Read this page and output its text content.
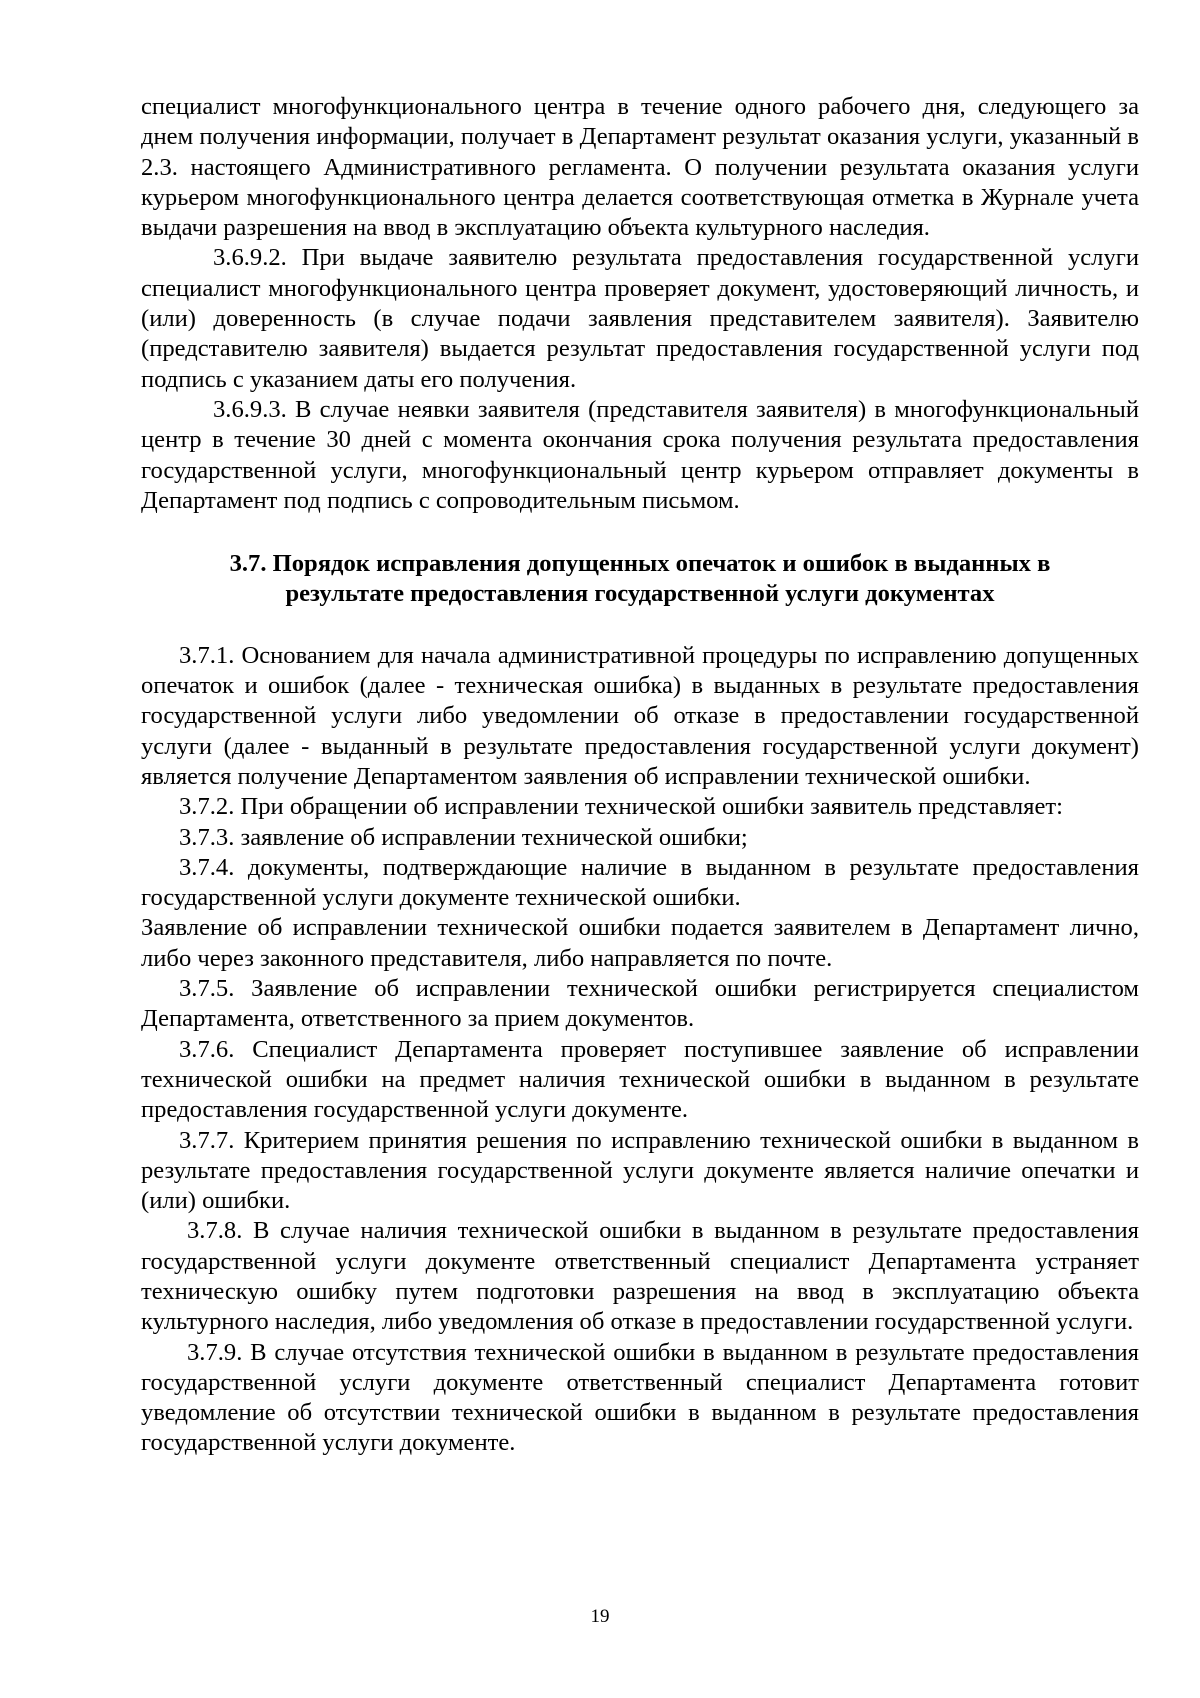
специалист многофункционального центра в течение одного рабочего дня, следующего за днем получения информации, получает в Департамент результат оказания услуги, указанный в 2.3. настоящего Административного регламента. О получении результата оказания услуги курьером многофункционального центра делается соответствующая отметка в Журнале учета выдачи разрешения на ввод в эксплуатацию объекта культурного наследия.

3.6.9.2. При выдаче заявителю результата предоставления государственной услуги специалист многофункционального центра проверяет документ, удостоверяющий личность, и (или) доверенность (в случае подачи заявления представителем заявителя). Заявителю (представителю заявителя) выдается результат предоставления государственной услуги под подпись с указанием даты его получения.

3.6.9.3. В случае неявки заявителя (представителя заявителя) в многофункциональный центр в течение 30 дней с момента окончания срока получения результата предоставления государственной услуги, многофункциональный центр курьером отправляет документы в Департамент под подпись с сопроводительным письмом.

3.7. Порядок исправления допущенных опечаток и ошибок в выданных в
результате предоставления государственной услуги документах

3.7.1. Основанием для начала административной процедуры по исправлению допущенных опечаток и ошибок (далее - техническая ошибка) в выданных в результате предоставления государственной услуги либо уведомлении об отказе в предоставлении государственной услуги (далее - выданный в результате предоставления государственной услуги документ) является получение Департаментом заявления об исправлении технической ошибки.

3.7.2. При обращении об исправлении технической ошибки заявитель представляет:

3.7.3. заявление об исправлении технической ошибки;

3.7.4. документы, подтверждающие наличие в выданном в результате предоставления государственной услуги документе технической ошибки.

Заявление об исправлении технической ошибки подается заявителем в Департамент лично, либо через законного представителя, либо направляется по почте.

3.7.5. Заявление об исправлении технической ошибки регистрируется специалистом Департамента, ответственного за прием документов.

3.7.6. Специалист Департамента проверяет поступившее заявление об исправлении технической ошибки на предмет наличия технической ошибки в выданном в результате предоставления государственной услуги документе.

3.7.7. Критерием принятия решения по исправлению технической ошибки в выданном в результате предоставления государственной услуги документе является наличие опечатки и (или) ошибки.

3.7.8. В случае наличия технической ошибки в выданном в результате предоставления государственной услуги документе ответственный специалист Департамента устраняет техническую ошибку путем подготовки разрешения на ввод в эксплуатацию объекта культурного наследия, либо уведомления об отказе в предоставлении государственной услуги.

3.7.9. В случае отсутствия технической ошибки в выданном в результате предоставления государственной услуги документе ответственный специалист Департамента готовит уведомление об отсутствии технической ошибки в выданном в результате предоставления государственной услуги документе.

19
